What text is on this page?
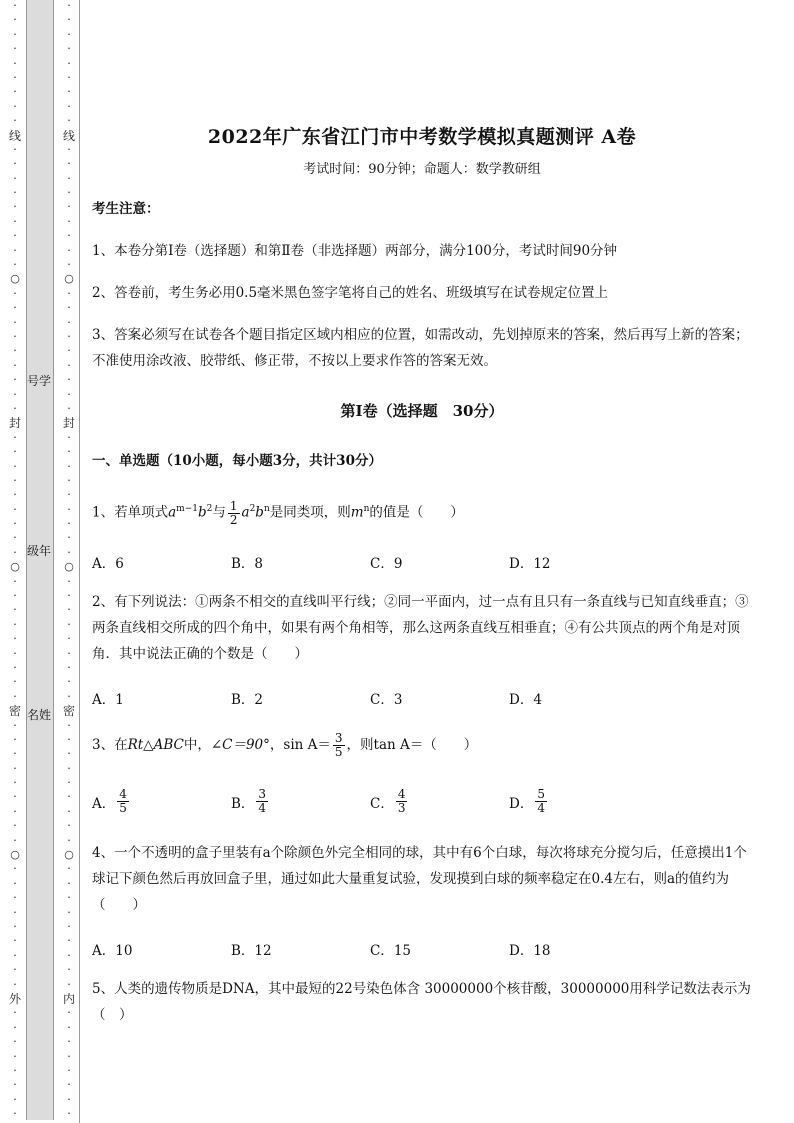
号学
级年
名姓
·
·
·
·
·
·
·
·
·
线
·
·
·
·
·
·
·
·
·
○
·
·
·
·
·
·
·
·
·
封
·
·
·
·
·
·
·
·
·
○
·
·
·
·
·
·
·
·
·
密
·
·
·
·
·
·
·
·
·
○
·
·
·
·
·
·
·
·
·
外
·
·
·
·
·
·
·
·
·
·
·
·
·
·
·
·
·
线
·
·
·
·
·
·
·
·
·
○
·
·
·
·
·
·
·
·
·
封
·
·
·
·
·
·
·
·
·
○
·
·
·
·
·
·
·
·
·
密
·
·
·
·
·
·
·
·
·
○
·
·
·
·
·
·
·
·
·
内
·
·
·
·
·
·
·
·
2022年广东省江门市中考数学模拟真题测评 A卷
考试时间：90分钟；命题人：数学教研组
考生注意：
1、本卷分第I卷（选择题）和第Ⅱ卷（非选择题）两部分，满分100分，考试时间90分钟
2、答卷前，考生务必用0.5毫米黑色签字笔将自己的姓名、班级填写在试卷规定位置上
3、答案必须写在试卷各个题目指定区域内相应的位置，如需改动，先划掉原来的答案，然后再写上新的答案；不准使用涂改液、胶带纸、修正带，不按以上要求作答的答案无效。
第I卷（选择题　30分）
一、单选题（10小题，每小题3分，共计30分）
1、若单项式$a^{m-1}b^2$与 $\frac{1}{2} a^2b^n$是同类项，则$m^n$的值是（　　）
A．6	B．8	C．9	D．12
2、有下列说法：①两条不相交的直线叫平行线；②同一平面内，过一点有且只有一条直线与已知直线垂直；③两条直线相交所成的四个角中，如果有两个角相等，那么这两条直线互相垂直；④有公共顶点的两个角是对顶角．其中说法正确的个数是（　　）
A．1	B．2	C．3	D．4
3、在Rt△ABC中，∠C＝90°，$\sin A= \frac{3}{5}$ ，则tan A＝（　　）
A． $\frac{4}{5}$	B． $\frac{3}{4}$	C． $\frac{4}{3}$	D． $\frac{5}{4}$
4、一个不透明的盒子里装有a个除颜色外完全相同的球，其中有6个白球，每次将球充分搅匀后，任意摸出1个球记下颜色然后再放回盒子里，通过如此大量重复试验，发现摸到白球的频率稳定在0.4左右，则a的值约为（　　）
A．10	B．12	C．15	D．18
5、人类的遗传物质是DNA，其中最短的22号染色体含 30000000个核苷酸，30000000用科学记数法表示为（　）
